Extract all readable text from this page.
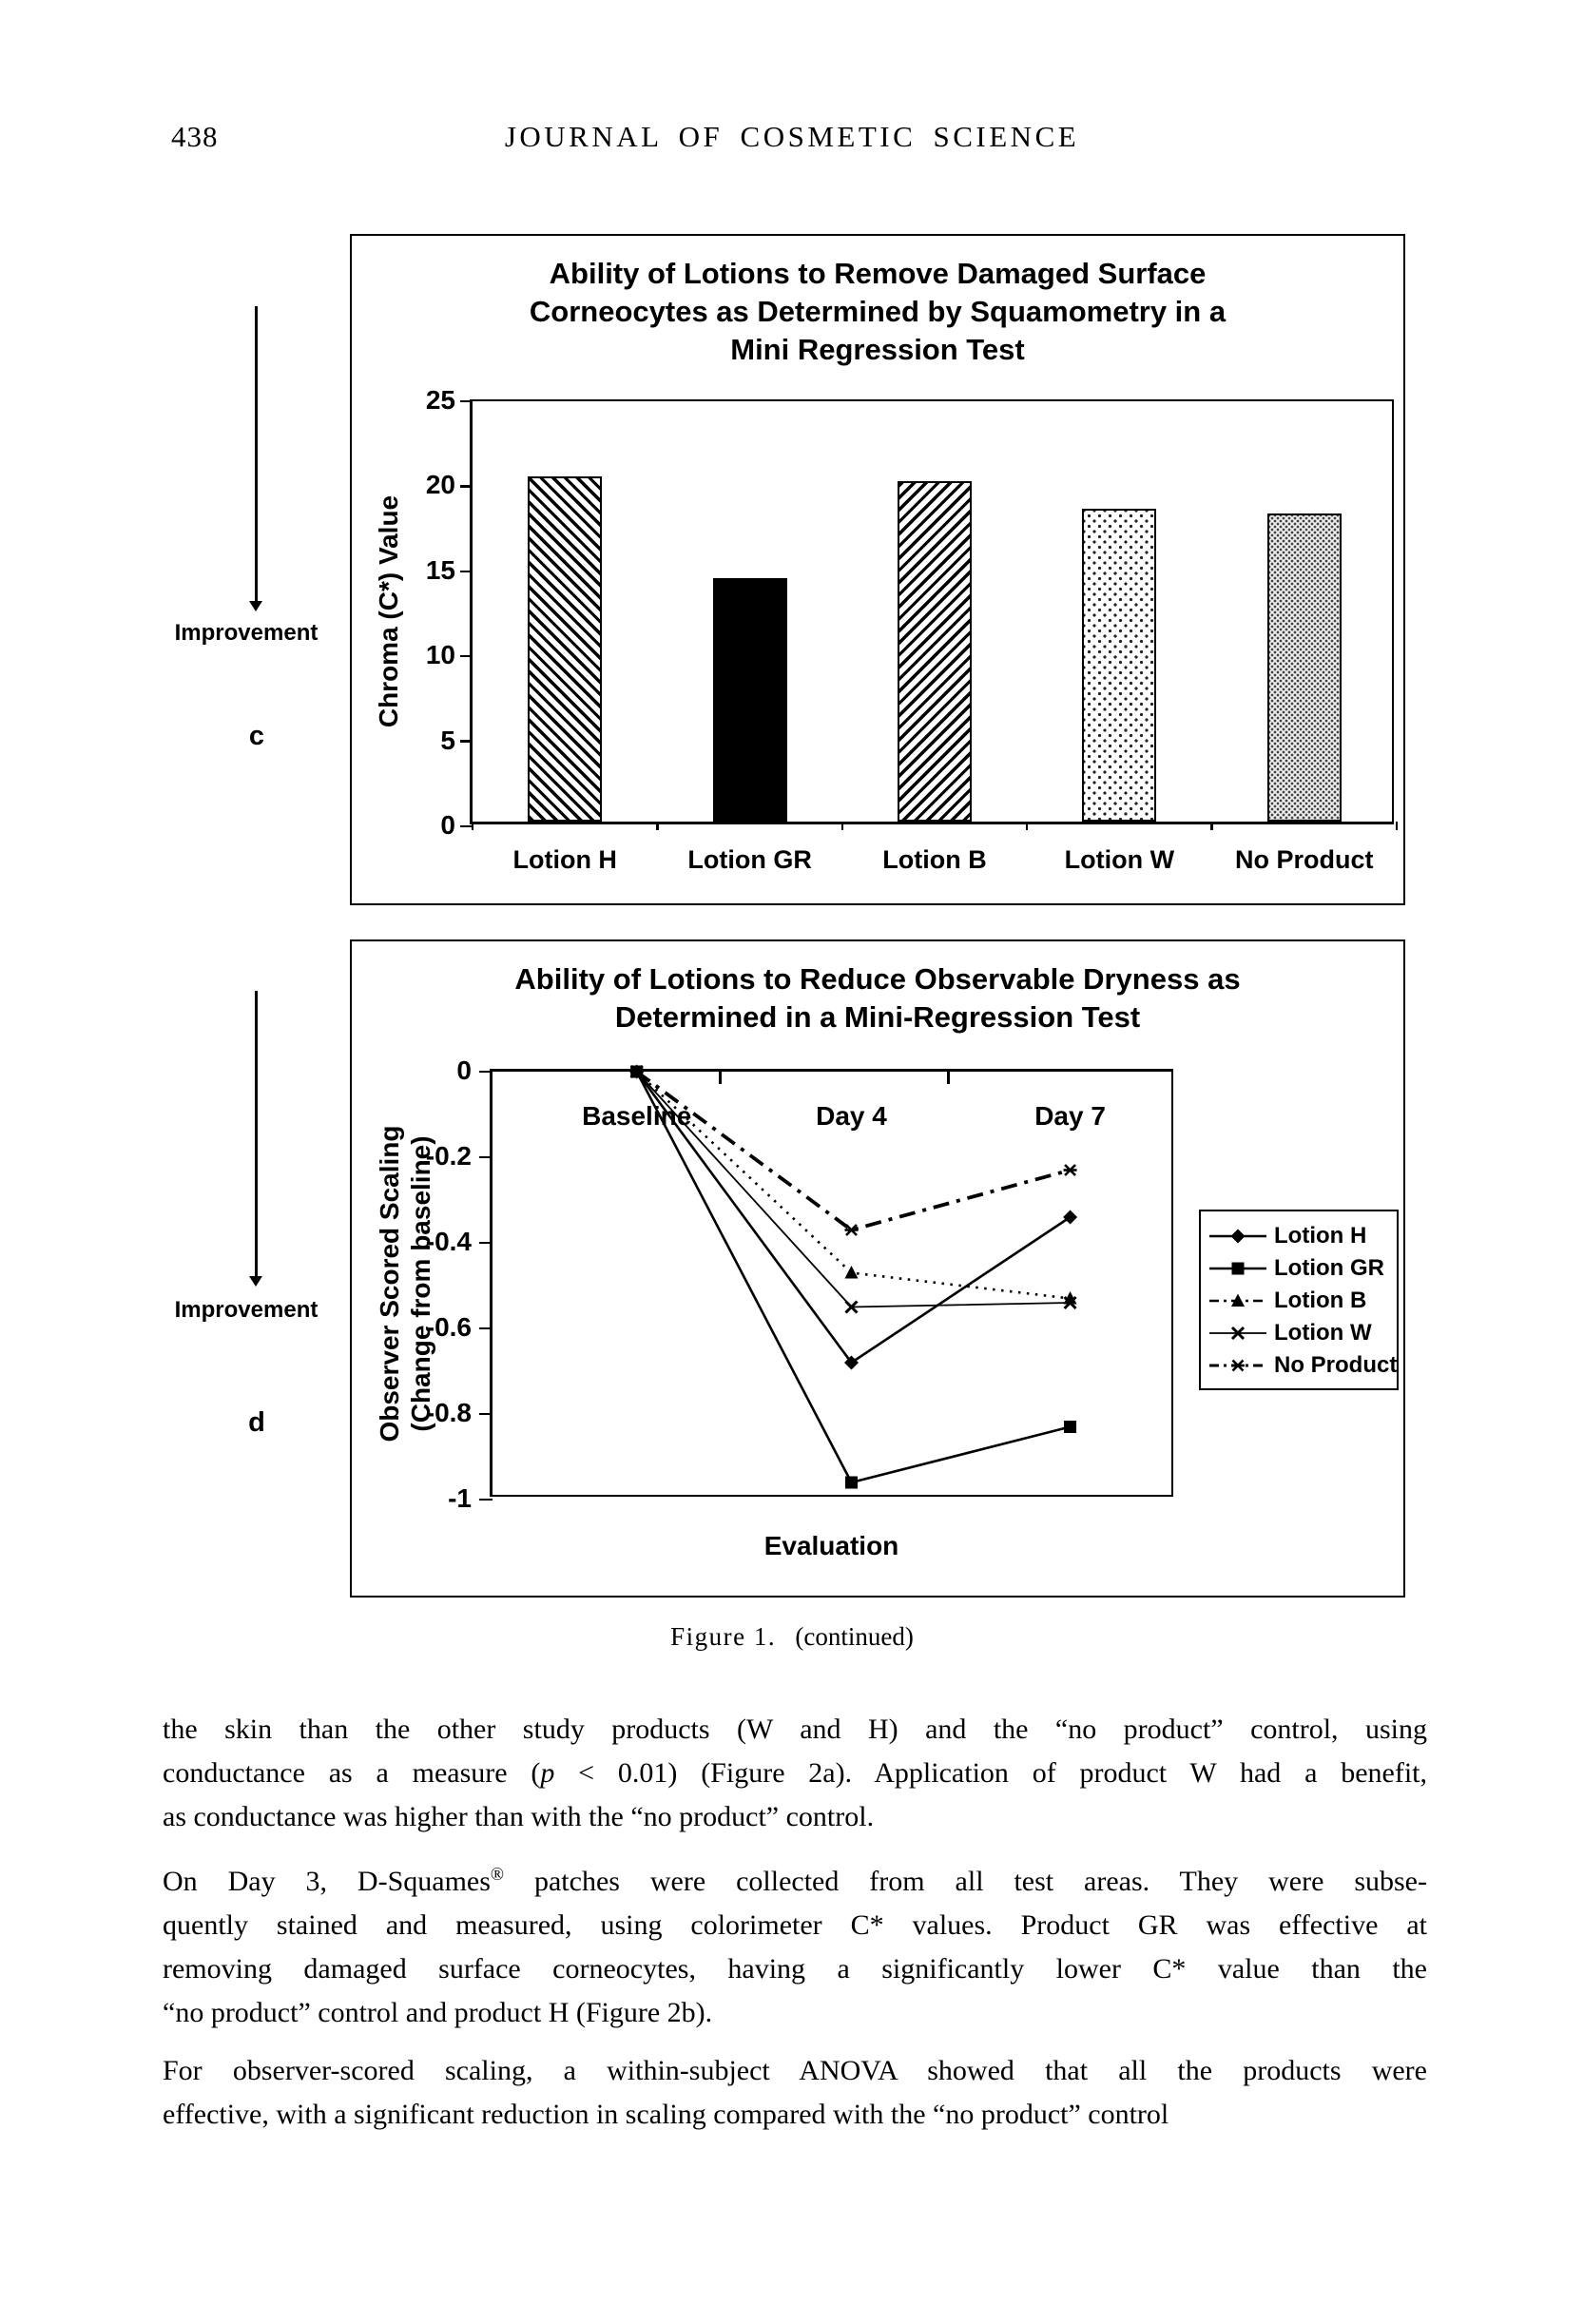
438	JOURNAL OF COSMETIC SCIENCE
Improvement
c
Ability of Lotions to Remove Damaged Surface
Corneocytes as Determined by Squamometry in a
Mini Regression Test
Chroma (C*) Value
25
20
15
10
5
0
Lotion H	Lotion GR	Lotion B	Lotion W	No Product
Improvement
d
Ability of Lotions to Reduce Observable Dryness as
Determined in a Mini-Regression Test
Observer Scored Scaling (Change from baseline)
0
-0.2
-0.4
-0.6
-0.8
-1
Baseline	Day 4	Day 7
Evaluation
Lotion H
Lotion GR
Lotion B
Lotion W
No Product
Figure 1. (continued)
the skin than the other study products (W and H) and the “no product” control, using
conductance as a measure (p < 0.01) (Figure 2a). Application of product W had a benefit,
as conductance was higher than with the “no product” control.
On Day 3, D-Squames® patches were collected from all test areas. They were subse-
quently stained and measured, using colorimeter C* values. Product GR was effective at
removing damaged surface corneocytes, having a significantly lower C* value than the
“no product” control and product H (Figure 2b).
For observer-scored scaling, a within-subject ANOVA showed that all the products were
effective, with a significant reduction in scaling compared with the “no product” control
